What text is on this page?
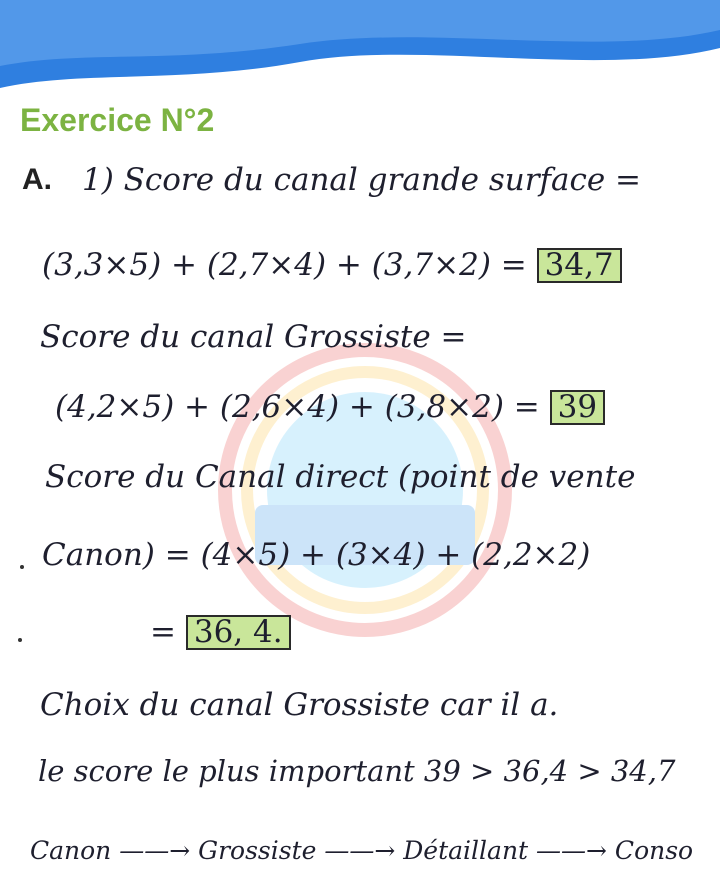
Exercice N°2
A. 1) Score du canal grande surface =
(3,3×5) + (2,7×4) + (3,7×2) = 34,7
Score du canal Grossiste =
(4,2×5) + (2,6×4) + (3,8×2) = 39
Score du Canal direct (point de vente
Canon) = (4×5) + (3×4) + (2,2×2)
= 36, 4.
Choix du canal Grossiste car il a.
le score le plus important 39 > 36,4 > 34,7
Canon ——→ Grossiste ——→ Détaillant ——→ Conso
